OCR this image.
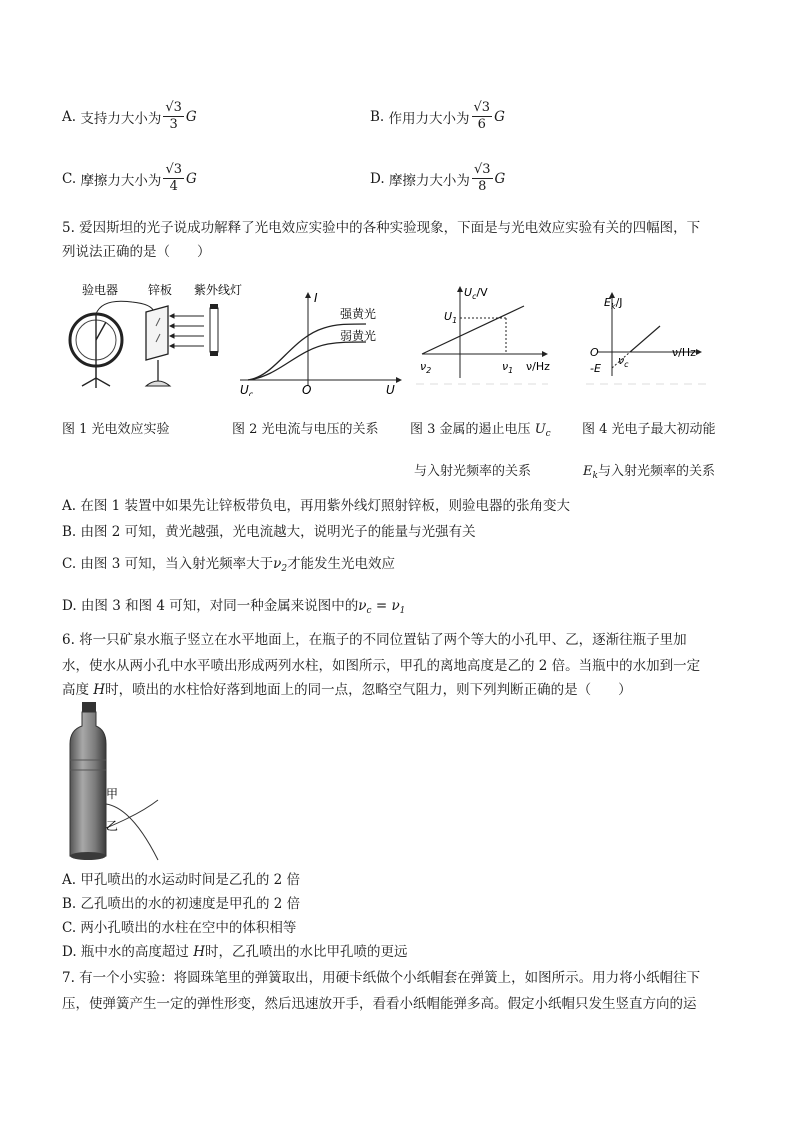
A.
支持力大小为 $\frac{√3}{3}$ G	B.
作用力大小为 $\frac{√3}{6}$ G
C.
摩擦力大小为 $\frac{√3}{4}$ G	D.
摩擦力大小为 $\frac{√3}{8}$ G
5. 爱因斯坦的光子说成功解释了光电效应实验中的各种实验现象，下面是与光电效应实验有关的四幅图，下
列说法正确的是（　　）
验电器 锌板 紫外线灯
I
U
O
$U_c$
强黄光
弱黄光
$U_c/V$
$U_1$
$\nu_2$	$\nu_1$ ν/Hz
$E_k/J$
O
-E
$\nu_c$
ν/Hz
图 1 光电效应实验	图 2 光电流与电压的关系 图 3 金属的遏止电压 $U_c$ 图 4 光电子最大初动能
与入射光频率的关系	$E_k$与入射光频率的关系
A. 在图 1 装置中如果先让锌板带负电，再用紫外线灯照射锌板，则验电器的张角变大
B. 由图 2 可知，黄光越强，光电流越大，说明光子的能量与光强有关
C. 由图 3 可知，当入射光频率大于$\nu_2$才能发生光电效应
D. 由图 3 和图 4 可知，对同一种金属来说图中的$\nu_c = \nu_1$
6. 将一只矿泉水瓶子竖立在水平地面上，在瓶子的不同位置钻了两个等大的小孔甲、乙，逐渐往瓶子里加
水，使水从两小孔中水平喷出形成两列水柱，如图所示，甲孔的离地高度是乙的 2 倍。当瓶中的水加到一定
高度 H时，喷出的水柱恰好落到地面上的同一点，忽略空气阻力，则下列判断正确的是（　　）
甲
乙
A. 甲孔喷出的水运动时间是乙孔的 2 倍
B. 乙孔喷出的水的初速度是甲孔的 2 倍
C. 两小孔喷出的水柱在空中的体积相等
D. 瓶中水的高度超过 H时，乙孔喷出的水比甲孔喷的更远
7. 有一个小实验：将圆珠笔里的弹簧取出，用硬卡纸做个小纸帽套在弹簧上，如图所示。用力将小纸帽往下
压，使弹簧产生一定的弹性形变，然后迅速放开手，看看小纸帽能弹多高。假定小纸帽只发生竖直方向的运
